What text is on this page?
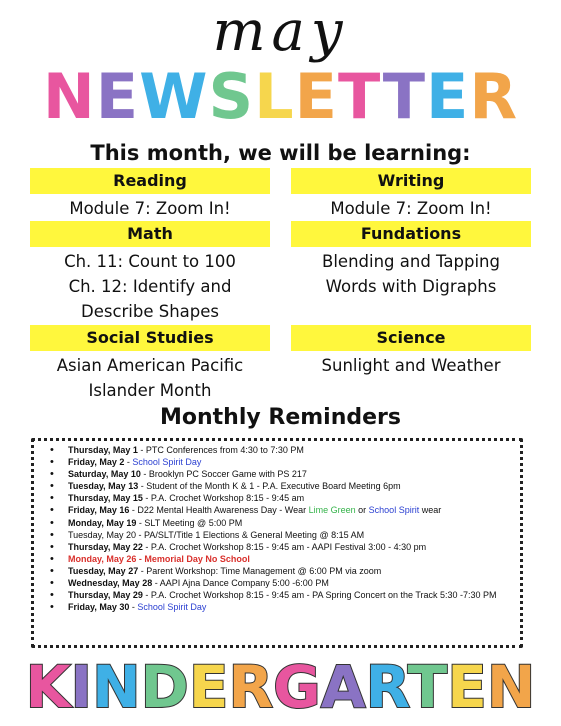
may
NEWSLETTER
This month, we will be learning:
Reading
Module 7: Zoom In!
Writing
Module 7: Zoom In!
Math
Ch. 11: Count to 100
Ch. 12: Identify and
Describe Shapes
Fundations
Blending and Tapping
Words with Digraphs
Social Studies
Asian American Pacific
Islander Month
Science
Sunlight and Weather
Monthly Reminders
• Thursday, May 1 - PTC Conferences from 4:30 to 7:30 PM
• Friday, May 2 - School Spirit Day
• Saturday, May 10 - Brooklyn PC Soccer Game with PS 217
• Tuesday, May 13 - Student of the Month K & 1 - P.A. Executive Board Meeting 6pm
• Thursday, May 15 - P.A. Crochet Workshop 8:15 - 9:45 am
• Friday, May 16 - D22 Mental Health Awareness Day - Wear Lime Green or School Spirit wear
• Monday, May 19 - SLT Meeting @ 5:00 PM
• Tuesday, May 20 - PA/SLT/Title 1 Elections & General Meeting @ 8:15 AM
• Thursday, May 22 - P.A. Crochet Workshop 8:15 - 9:45 am - AAPI Festival 3:00 - 4:30 pm
• Monday, May 26 - Memorial Day No School
• Tuesday, May 27 - Parent Workshop: Time Management @ 6:00 PM via zoom
• Wednesday, May 28 - AAPI Ajna Dance Company 5:00 -6:00 PM
• Thursday, May 29 - P.A. Crochet Workshop 8:15 - 9:45 am - PA Spring Concert on the Track 5:30 -7:30 PM
• Friday, May 30 - School Spirit Day
KINDERGARTEN
